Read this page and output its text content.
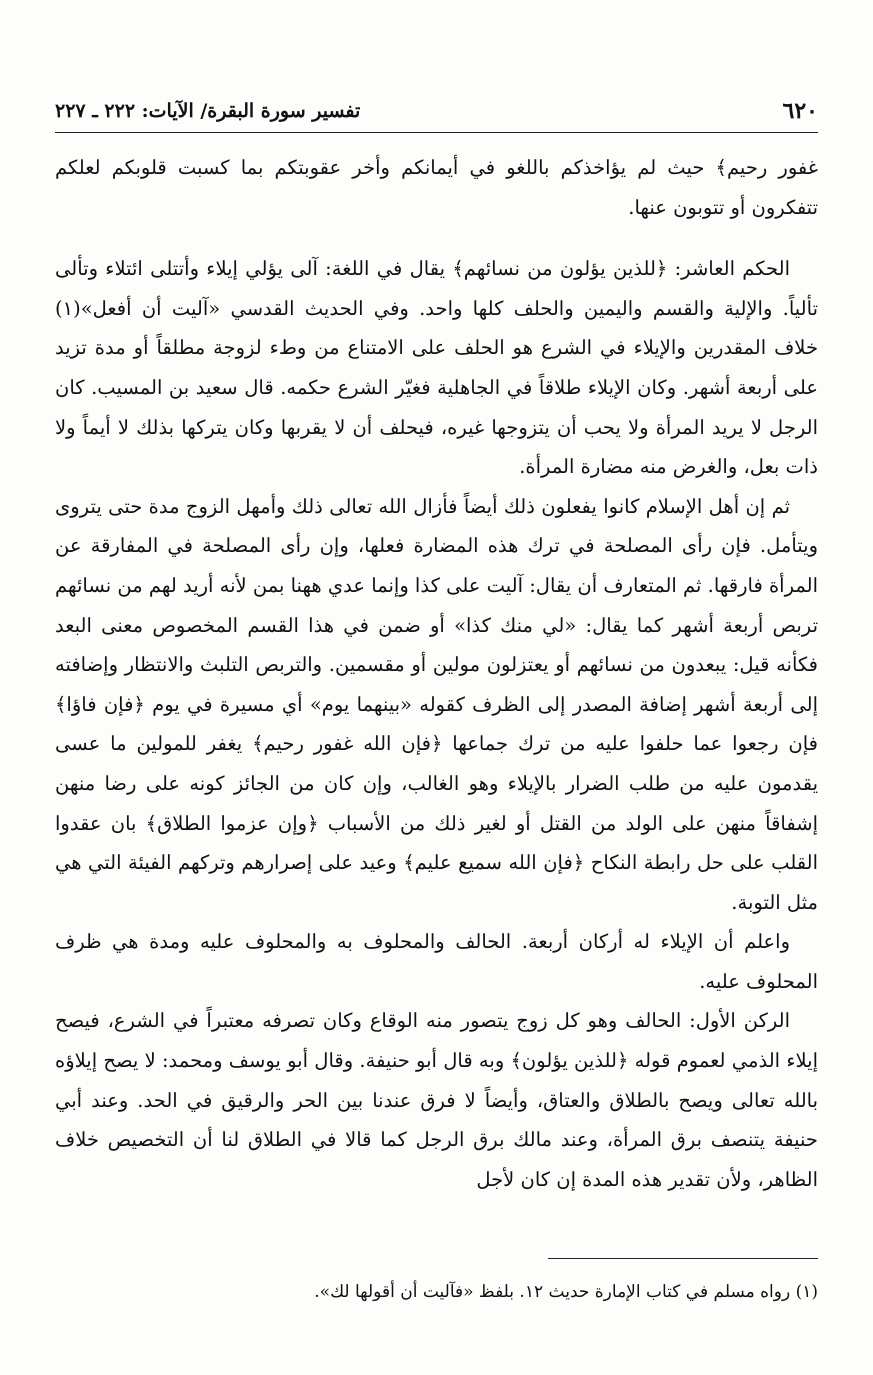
٦٢٠
تفسير سورة البقرة/ الآيات: ٢٢٢ ـ ٢٢٧

غفور رحيم﴾ حيث لم يؤاخذكم باللغو في أيمانكم وأخر عقوبتكم بما كسبت قلوبكم لعلكم تتفكرون أو تتوبون عنها.

الحكم العاشر: ﴿للذين يؤلون من نسائهم﴾ يقال في اللغة: آلى يؤلي إيلاء وأتتلى ائتلاء وتألى تألياً. والإلية والقسم واليمين والحلف كلها واحد. وفي الحديث القدسي «آليت أن أفعل»(١) خلاف المقدرين والإيلاء في الشرع هو الحلف على الامتناع من وطء لزوجة مطلقاً أو مدة تزيد على أربعة أشهر. وكان الإيلاء طلاقاً في الجاهلية فغيّر الشرع حكمه. قال سعيد بن المسيب. كان الرجل لا يريد المرأة ولا يحب أن يتزوجها غيره، فيحلف أن لا يقربها وكان يتركها بذلك لا أيماً ولا ذات بعل، والغرض منه مضارة المرأة.

ثم إن أهل الإسلام كانوا يفعلون ذلك أيضاً فأزال الله تعالى ذلك وأمهل الزوج مدة حتى يتروى ويتأمل. فإن رأى المصلحة في ترك هذه المضارة فعلها، وإن رأى المصلحة في المفارقة عن المرأة فارقها. ثم المتعارف أن يقال: آليت على كذا وإنما عدي ههنا بمن لأنه أريد لهم من نسائهم تربص أربعة أشهر كما يقال: «لي منك كذا» أو ضمن في هذا القسم المخصوص معنى البعد فكأنه قيل: يبعدون من نسائهم أو يعتزلون مولين أو مقسمين. والتربص التلبث والانتظار وإضافته إلى أربعة أشهر إضافة المصدر إلى الظرف كقوله «بينهما يوم» أي مسيرة في يوم ﴿فإن فاؤا﴾ فإن رجعوا عما حلفوا عليه من ترك جماعها ﴿فإن الله غفور رحيم﴾ يغفر للمولين ما عسى يقدمون عليه من طلب الضرار بالإيلاء وهو الغالب، وإن كان من الجائز كونه على رضا منهن إشفاقاً منهن على الولد من القتل أو لغير ذلك من الأسباب ﴿وإن عزموا الطلاق﴾ بان عقدوا القلب على حل رابطة النكاح ﴿فإن الله سميع عليم﴾ وعيد على إصرارهم وتركهم الفيئة التي هي مثل التوبة.

واعلم أن الإيلاء له أركان أربعة. الحالف والمحلوف به والمحلوف عليه ومدة هي ظرف المحلوف عليه.

الركن الأول: الحالف وهو كل زوج يتصور منه الوقاع وكان تصرفه معتبراً في الشرع، فيصح إيلاء الذمي لعموم قوله ﴿للذين يؤلون﴾ وبه قال أبو حنيفة. وقال أبو يوسف ومحمد: لا يصح إيلاؤه بالله تعالى ويصح بالطلاق والعتاق، وأيضاً لا فرق عندنا بين الحر والرقيق في الحد. وعند أبي حنيفة يتنصف برق المرأة، وعند مالك برق الرجل كما قالا في الطلاق لنا أن التخصيص خلاف الظاهر، ولأن تقدير هذه المدة إن كان لأجل

(١) رواه مسلم في كتاب الإمارة حديث ١٢. بلفظ «فآليت أن أقولها لك».
